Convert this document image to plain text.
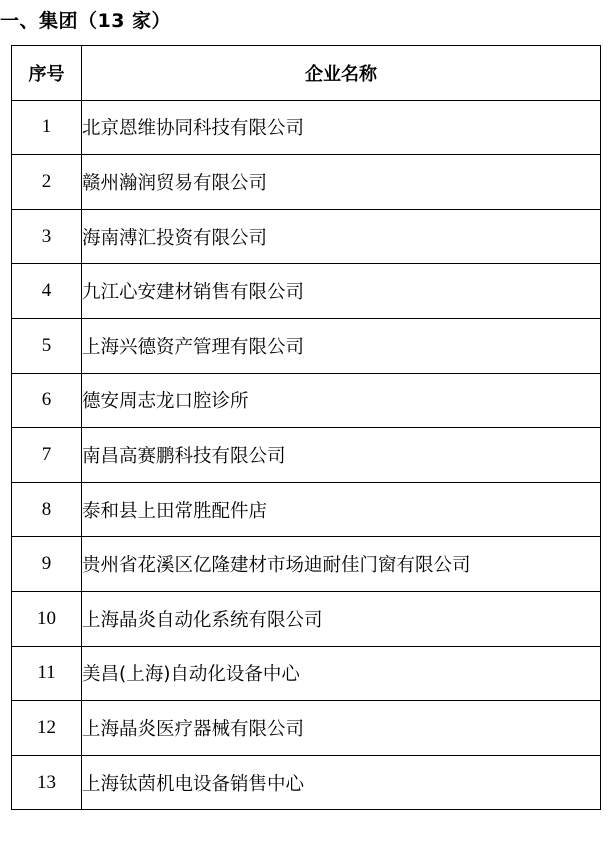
一、集团（13 家）
序号	企业名称
1	北京恩维协同科技有限公司
2	赣州瀚润贸易有限公司
3	海南溥汇投资有限公司
4	九江心安建材销售有限公司
5	上海兴德资产管理有限公司
6	德安周志龙口腔诊所
7	南昌高赛鹏科技有限公司
8	泰和县上田常胜配件店
9	贵州省花溪区亿隆建材市场迪耐佳门窗有限公司
10	上海晶炎自动化系统有限公司
11	美昌(上海)自动化设备中心
12	上海晶炎医疗器械有限公司
13	上海钛茵机电设备销售中心
